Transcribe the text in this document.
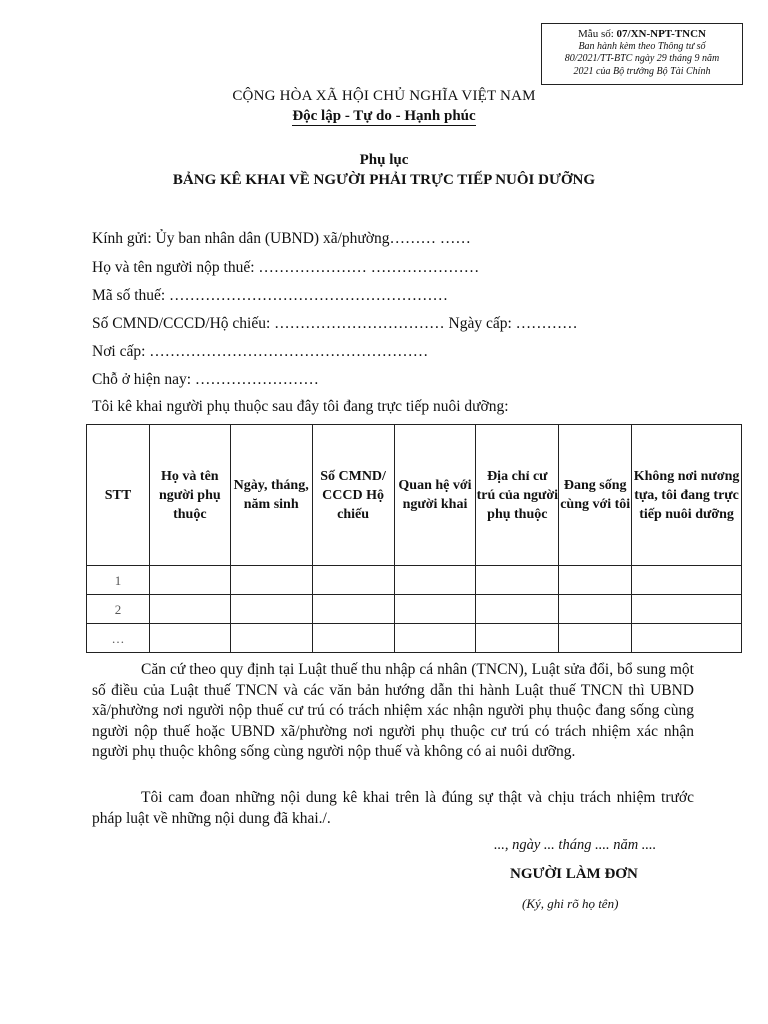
Mẫu số: 07/XN-NPT-TNCN
Ban hành kèm theo Thông tư số
80/2021/TT-BTC ngày 29 tháng 9 năm
2021 của Bộ trưởng Bộ Tài Chính
CỘNG HÒA XÃ HỘI CHỦ NGHĨA VIỆT NAM
Độc lập - Tự do - Hạnh phúc
Phụ lục
BẢNG KÊ KHAI VỀ NGƯỜI PHẢI TRỰC TIẾP NUÔI DƯỠNG
Kính gửi: Ủy ban nhân dân (UBND) xã/phường……… ……
Họ và tên người nộp thuế: ………………… …………………
Mã số thuế: ………………………………………………
Số CMND/CCCD/Hộ chiếu: …………………………… Ngày cấp: …………
Nơi cấp: ………………………………………………
Chỗ ở hiện nay: ……………………
Tôi kê khai người phụ thuộc sau đây tôi đang trực tiếp nuôi dưỡng:
STT	Họ và tên người phụ thuộc	Ngày, tháng, năm sinh	Số CMND/ CCCD Hộ chiếu	Quan hệ với người khai	Địa chỉ cư trú của người phụ thuộc	Đang sống cùng với tôi	Không nơi nương tựa, tôi đang trực tiếp nuôi dưỡng
1							
2							
…							
Căn cứ theo quy định tại Luật thuế thu nhập cá nhân (TNCN), Luật sửa đổi, bổ sung một số điều của Luật thuế TNCN và các văn bản hướng dẫn thi hành Luật thuế TNCN thì UBND xã/phường nơi người nộp thuế cư trú có trách nhiệm xác nhận người phụ thuộc đang sống cùng người nộp thuế hoặc UBND xã/phường nơi người phụ thuộc cư trú có trách nhiệm xác nhận người phụ thuộc không sống cùng người nộp thuế và không có ai nuôi dưỡng.
Tôi cam đoan những nội dung kê khai trên là đúng sự thật và chịu trách nhiệm trước pháp luật về những nội dung đã khai./.
..., ngày ... tháng .... năm ....
NGƯỜI LÀM ĐƠN
(Ký, ghi rõ họ tên)
